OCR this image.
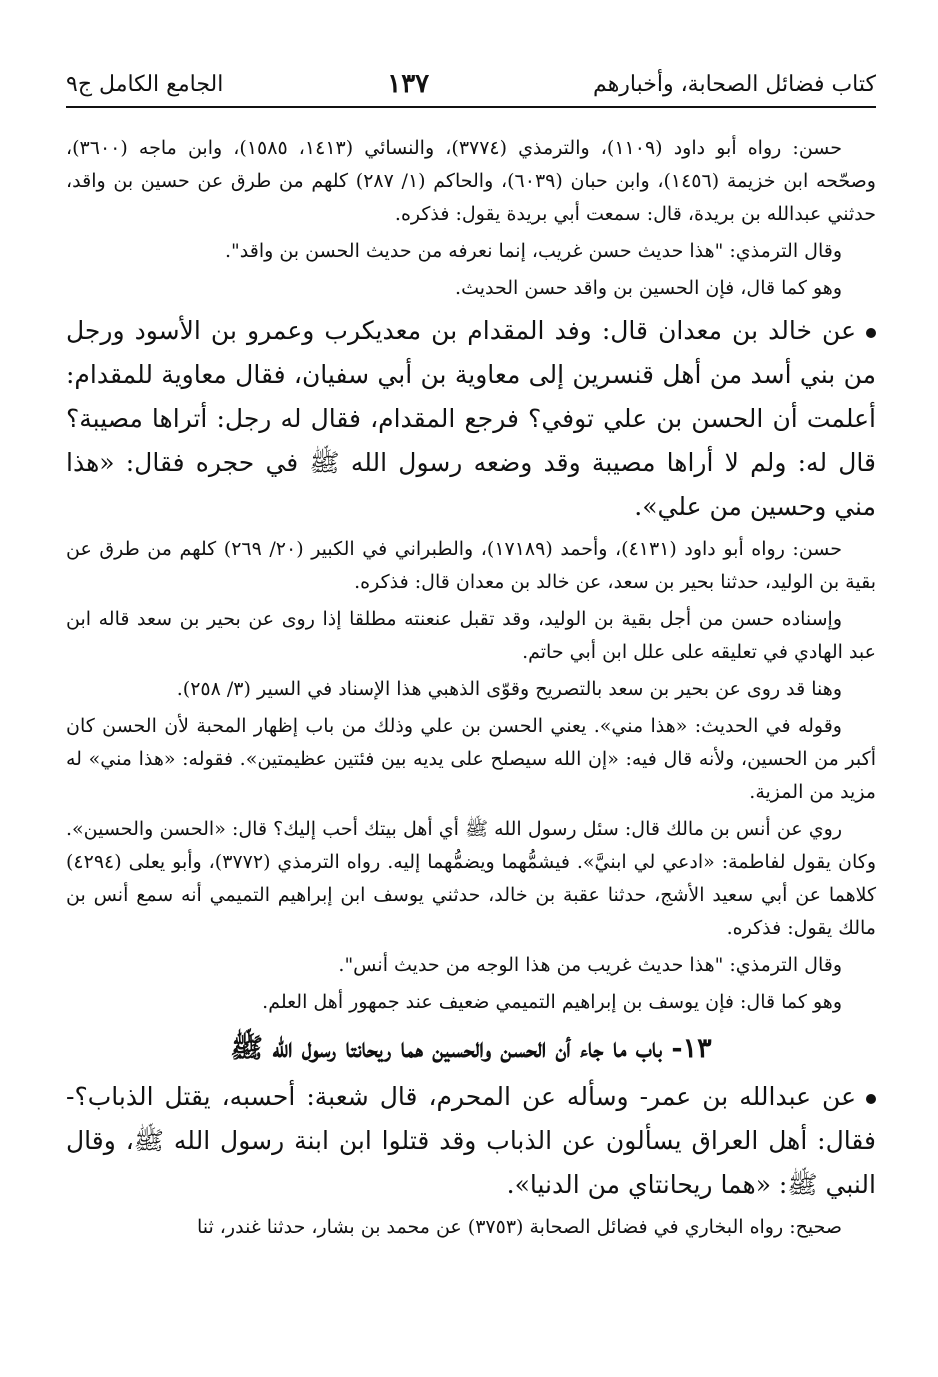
كتاب فضائل الصحابة، وأخبارهم
١٣٧
الجامع الكامل ج٩

حسن: رواه أبو داود (١١٠٩)، والترمذي (٣٧٧٤)، والنسائي (١٤١٣، ١٥٨٥)، وابن ماجه (٣٦٠٠)، وصحّحه ابن خزيمة (١٤٥٦)، وابن حبان (٦٠٣٩)، والحاكم (١/ ٢٨٧) كلهم من طرق عن حسين بن واقد، حدثني عبدالله بن بريدة، قال: سمعت أبي بريدة يقول: فذكره.

وقال الترمذي: "هذا حديث حسن غريب، إنما نعرفه من حديث الحسن بن واقد".

وهو كما قال، فإن الحسين بن واقد حسن الحديث.

عن خالد بن معدان قال: وفد المقدام بن معديكرب وعمرو بن الأسود ورجل من بني أسد من أهل قنسرين إلى معاوية بن أبي سفيان، فقال معاوية للمقدام: أعلمت أن الحسن بن علي توفي؟ فرجع المقدام، فقال له رجل: أتراها مصيبة؟ قال له: ولم لا أراها مصيبة وقد وضعه رسول الله ﷺ في حجره فقال: «هذا مني وحسين من علي».

حسن: رواه أبو داود (٤١٣١)، وأحمد (١٧١٨٩)، والطبراني في الكبير (٢٠/ ٢٦٩) كلهم من طرق عن بقية بن الوليد، حدثنا بحير بن سعد، عن خالد بن معدان قال: فذكره.

وإسناده حسن من أجل بقية بن الوليد، وقد تقبل عنعنته مطلقا إذا روى عن بحير بن سعد قاله ابن عبد الهادي في تعليقه على علل ابن أبي حاتم.

وهنا قد روى عن بحير بن سعد بالتصريح وقوّى الذهبي هذا الإسناد في السير (٣/ ٢٥٨).

وقوله في الحديث: «هذا مني». يعني الحسن بن علي وذلك من باب إظهار المحبة لأن الحسن كان أكبر من الحسين، ولأنه قال فيه: «إن الله سيصلح على يديه بين فئتين عظيمتين». فقوله: «هذا مني» له مزيد من المزية.

روي عن أنس بن مالك قال: سئل رسول الله ﷺ أي أهل بيتك أحب إليك؟ قال: «الحسن والحسين». وكان يقول لفاطمة: «ادعي لي ابنيَّ». فيشمُّهما ويضمُّهما إليه. رواه الترمذي (٣٧٧٢)، وأبو يعلى (٤٢٩٤) كلاهما عن أبي سعيد الأشج، حدثنا عقبة بن خالد، حدثني يوسف ابن إبراهيم التميمي أنه سمع أنس بن مالك يقول: فذكره.

وقال الترمذي: "هذا حديث غريب من هذا الوجه من حديث أنس".

وهو كما قال: فإن يوسف بن إبراهيم التميمي ضعيف عند جمهور أهل العلم.

١٣- باب ما جاء أن الحسن والحسين هما ريحانتا رسول الله ﷺ

عن عبدالله بن عمر- وسأله عن المحرم، قال شعبة: أحسبه، يقتل الذباب؟- فقال: أهل العراق يسألون عن الذباب وقد قتلوا ابن ابنة رسول الله ﷺ، وقال النبي ﷺ: «هما ريحانتاي من الدنيا».

صحيح: رواه البخاري في فضائل الصحابة (٣٧٥٣) عن محمد بن بشار، حدثنا غندر، ثنا
